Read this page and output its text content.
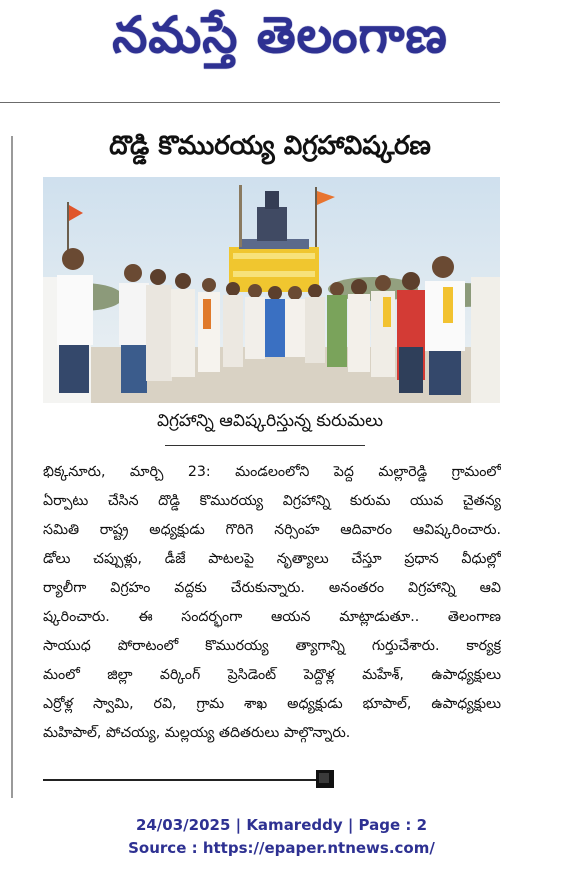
నమస్తే తెలంగాణ
దొడ్డి కొమురయ్య విగ్రహావిష్కరణ
విగ్రహాన్ని ఆవిష్కరిస్తున్న కురుమలు
భిక్కనూరు, మార్చి 23: మండలంలోని పెద్ద మల్లారెడ్డి గ్రామంలో
ఏర్పాటు చేసిన దొడ్డి కొమురయ్య విగ్రహాన్ని కురుమ యువ చైతన్య
సమితి రాష్ట్ర అధ్యక్షుడు గొరిగె నర్సింహ ఆదివారం ఆవిష్కరించారు.
డోలు చప్పుళ్లు, డీజే పాటలపై నృత్యాలు చేస్తూ ప్రధాన వీధుల్లో
ర్యాలీగా విగ్రహం వద్దకు చేరుకున్నారు. అనంతరం విగ్రహాన్ని ఆవి
ష్కరించారు. ఈ సందర్భంగా ఆయన మాట్లాడుతూ.. తెలంగాణ
సాయుధ పోరాటంలో కొమురయ్య త్యాగాన్ని గుర్తుచేశారు. కార్యక్ర
మంలో జిల్లా వర్కింగ్ ప్రెసిడెంట్ పెద్దొళ్ల మహేశ్, ఉపాధ్యక్షులు
ఎర్రోళ్ల స్వామి, రవి, గ్రామ శాఖ అధ్యక్షుడు భూపాల్, ఉపాధ్యక్షులు
మహిపాల్, పోచయ్య, మల్లయ్య తదితరులు పాల్గొన్నారు.
24/03/2025 | Kamareddy | Page : 2
Source : https://epaper.ntnews.com/
